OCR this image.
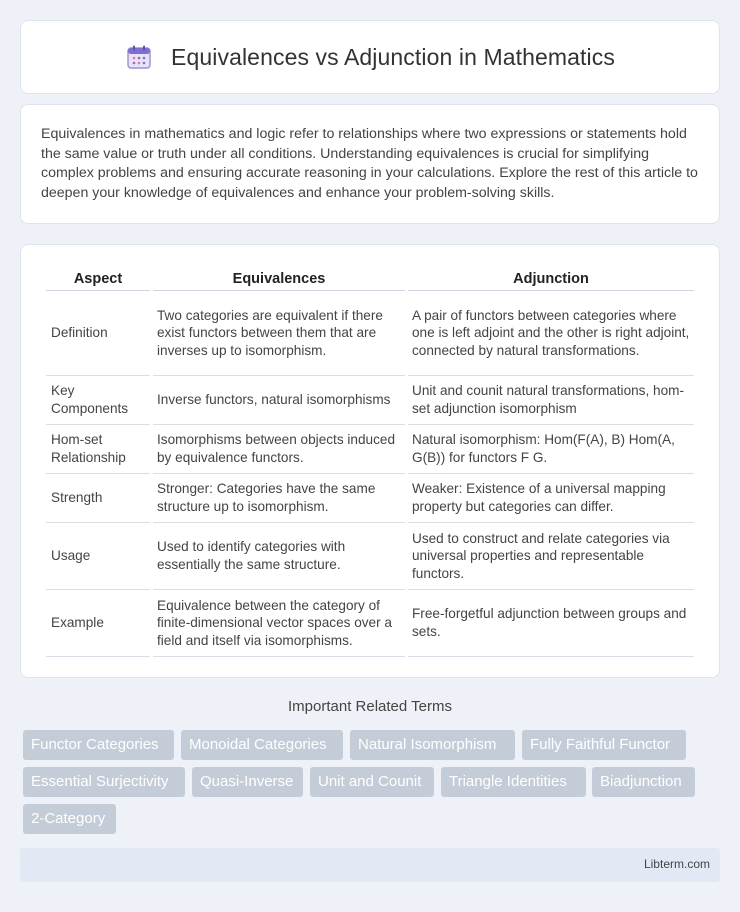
Equivalences vs Adjunction in Mathematics

Equivalences in mathematics and logic refer to relationships where two expressions or statements hold the same value or truth under all conditions. Understanding equivalences is crucial for simplifying complex problems and ensuring accurate reasoning in your calculations. Explore the rest of this article to deepen your knowledge of equivalences and enhance your problem-solving skills.

Aspect	Equivalences	Adjunction
Definition	Two categories are equivalent if there exist functors between them that are inverses up to isomorphism.	A pair of functors between categories where one is left adjoint and the other is right adjoint, connected by natural transformations.
Key Components	Inverse functors, natural isomorphisms	Unit and counit natural transformations, hom-set adjunction isomorphism
Hom-set Relationship	Isomorphisms between objects induced by equivalence functors.	Natural isomorphism: Hom(F(A), B) Hom(A, G(B)) for functors F G.
Strength	Stronger: Categories have the same structure up to isomorphism.	Weaker: Existence of a universal mapping property but categories can differ.
Usage	Used to identify categories with essentially the same structure.	Used to construct and relate categories via universal properties and representable functors.
Example	Equivalence between the category of finite-dimensional vector spaces over a field and itself via isomorphisms.	Free-forgetful adjunction between groups and sets.
Important Related Terms
Functor Categories	Monoidal Categories	Natural Isomorphism	Fully Faithful Functor
Essential Surjectivity	Quasi-Inverse	Unit and Counit	Triangle Identities	Biadjunction
2-Category
Libterm.com
